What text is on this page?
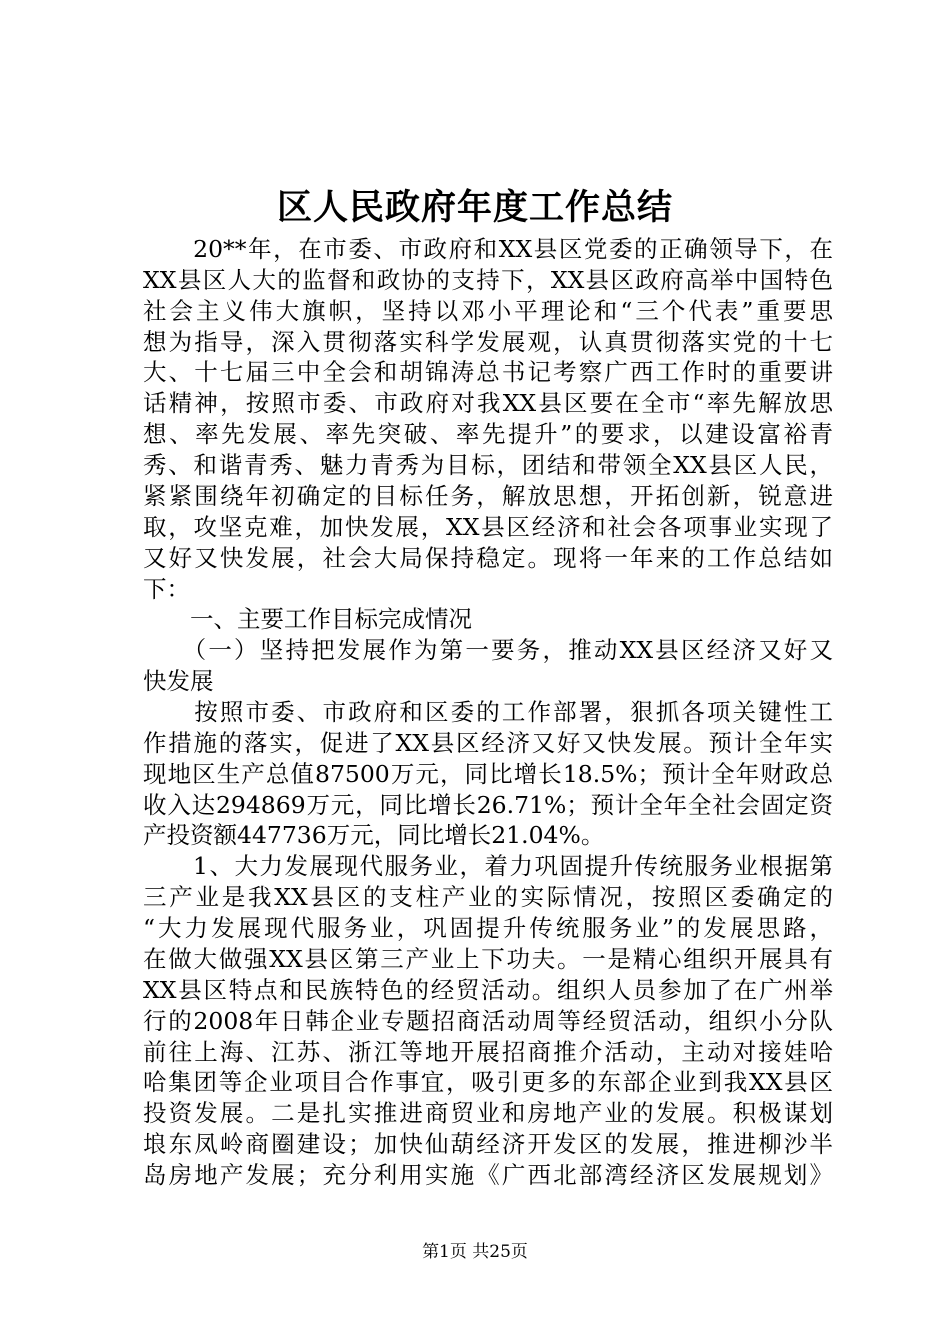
区人民政府年度工作总结
　　20**年，在市委、市政府和XX县区党委的正确领导下，在
XX县区人大的监督和政协的支持下，XX县区政府高举中国特色
社会主义伟大旗帜，坚持以邓小平理论和“三个代表”重要思
想为指导，深入贯彻落实科学发展观，认真贯彻落实党的十七
大、十七届三中全会和胡锦涛总书记考察广西工作时的重要讲
话精神，按照市委、市政府对我XX县区要在全市“率先解放思
想、率先发展、率先突破、率先提升”的要求，以建设富裕青
秀、和谐青秀、魅力青秀为目标，团结和带领全XX县区人民，
紧紧围绕年初确定的目标任务，解放思想，开拓创新，锐意进
取，攻坚克难，加快发展，XX县区经济和社会各项事业实现了
又好又快发展，社会大局保持稳定。现将一年来的工作总结如
下：
　　一、主要工作目标完成情况
　　（一）坚持把发展作为第一要务，推动XX县区经济又好又
快发展
　　按照市委、市政府和区委的工作部署，狠抓各项关键性工
作措施的落实，促进了XX县区经济又好又快发展。预计全年实
现地区生产总值87500万元，同比增长18.5%；预计全年财政总
收入达294869万元，同比增长26.71%；预计全年全社会固定资
产投资额447736万元，同比增长21.04%。
　　1、大力发展现代服务业，着力巩固提升传统服务业根据第
三产业是我XX县区的支柱产业的实际情况，按照区委确定的
“大力发展现代服务业，巩固提升传统服务业”的发展思路，
在做大做强XX县区第三产业上下功夫。一是精心组织开展具有
XX县区特点和民族特色的经贸活动。组织人员参加了在广州举
行的2008年日韩企业专题招商活动周等经贸活动，组织小分队
前往上海、江苏、浙江等地开展招商推介活动，主动对接娃哈
哈集团等企业项目合作事宜，吸引更多的东部企业到我XX县区
投资发展。二是扎实推进商贸业和房地产业的发展。积极谋划
埌东凤岭商圈建设；加快仙葫经济开发区的发展，推进柳沙半
岛房地产发展；充分利用实施《广西北部湾经济区发展规划》
第1页 共25页
